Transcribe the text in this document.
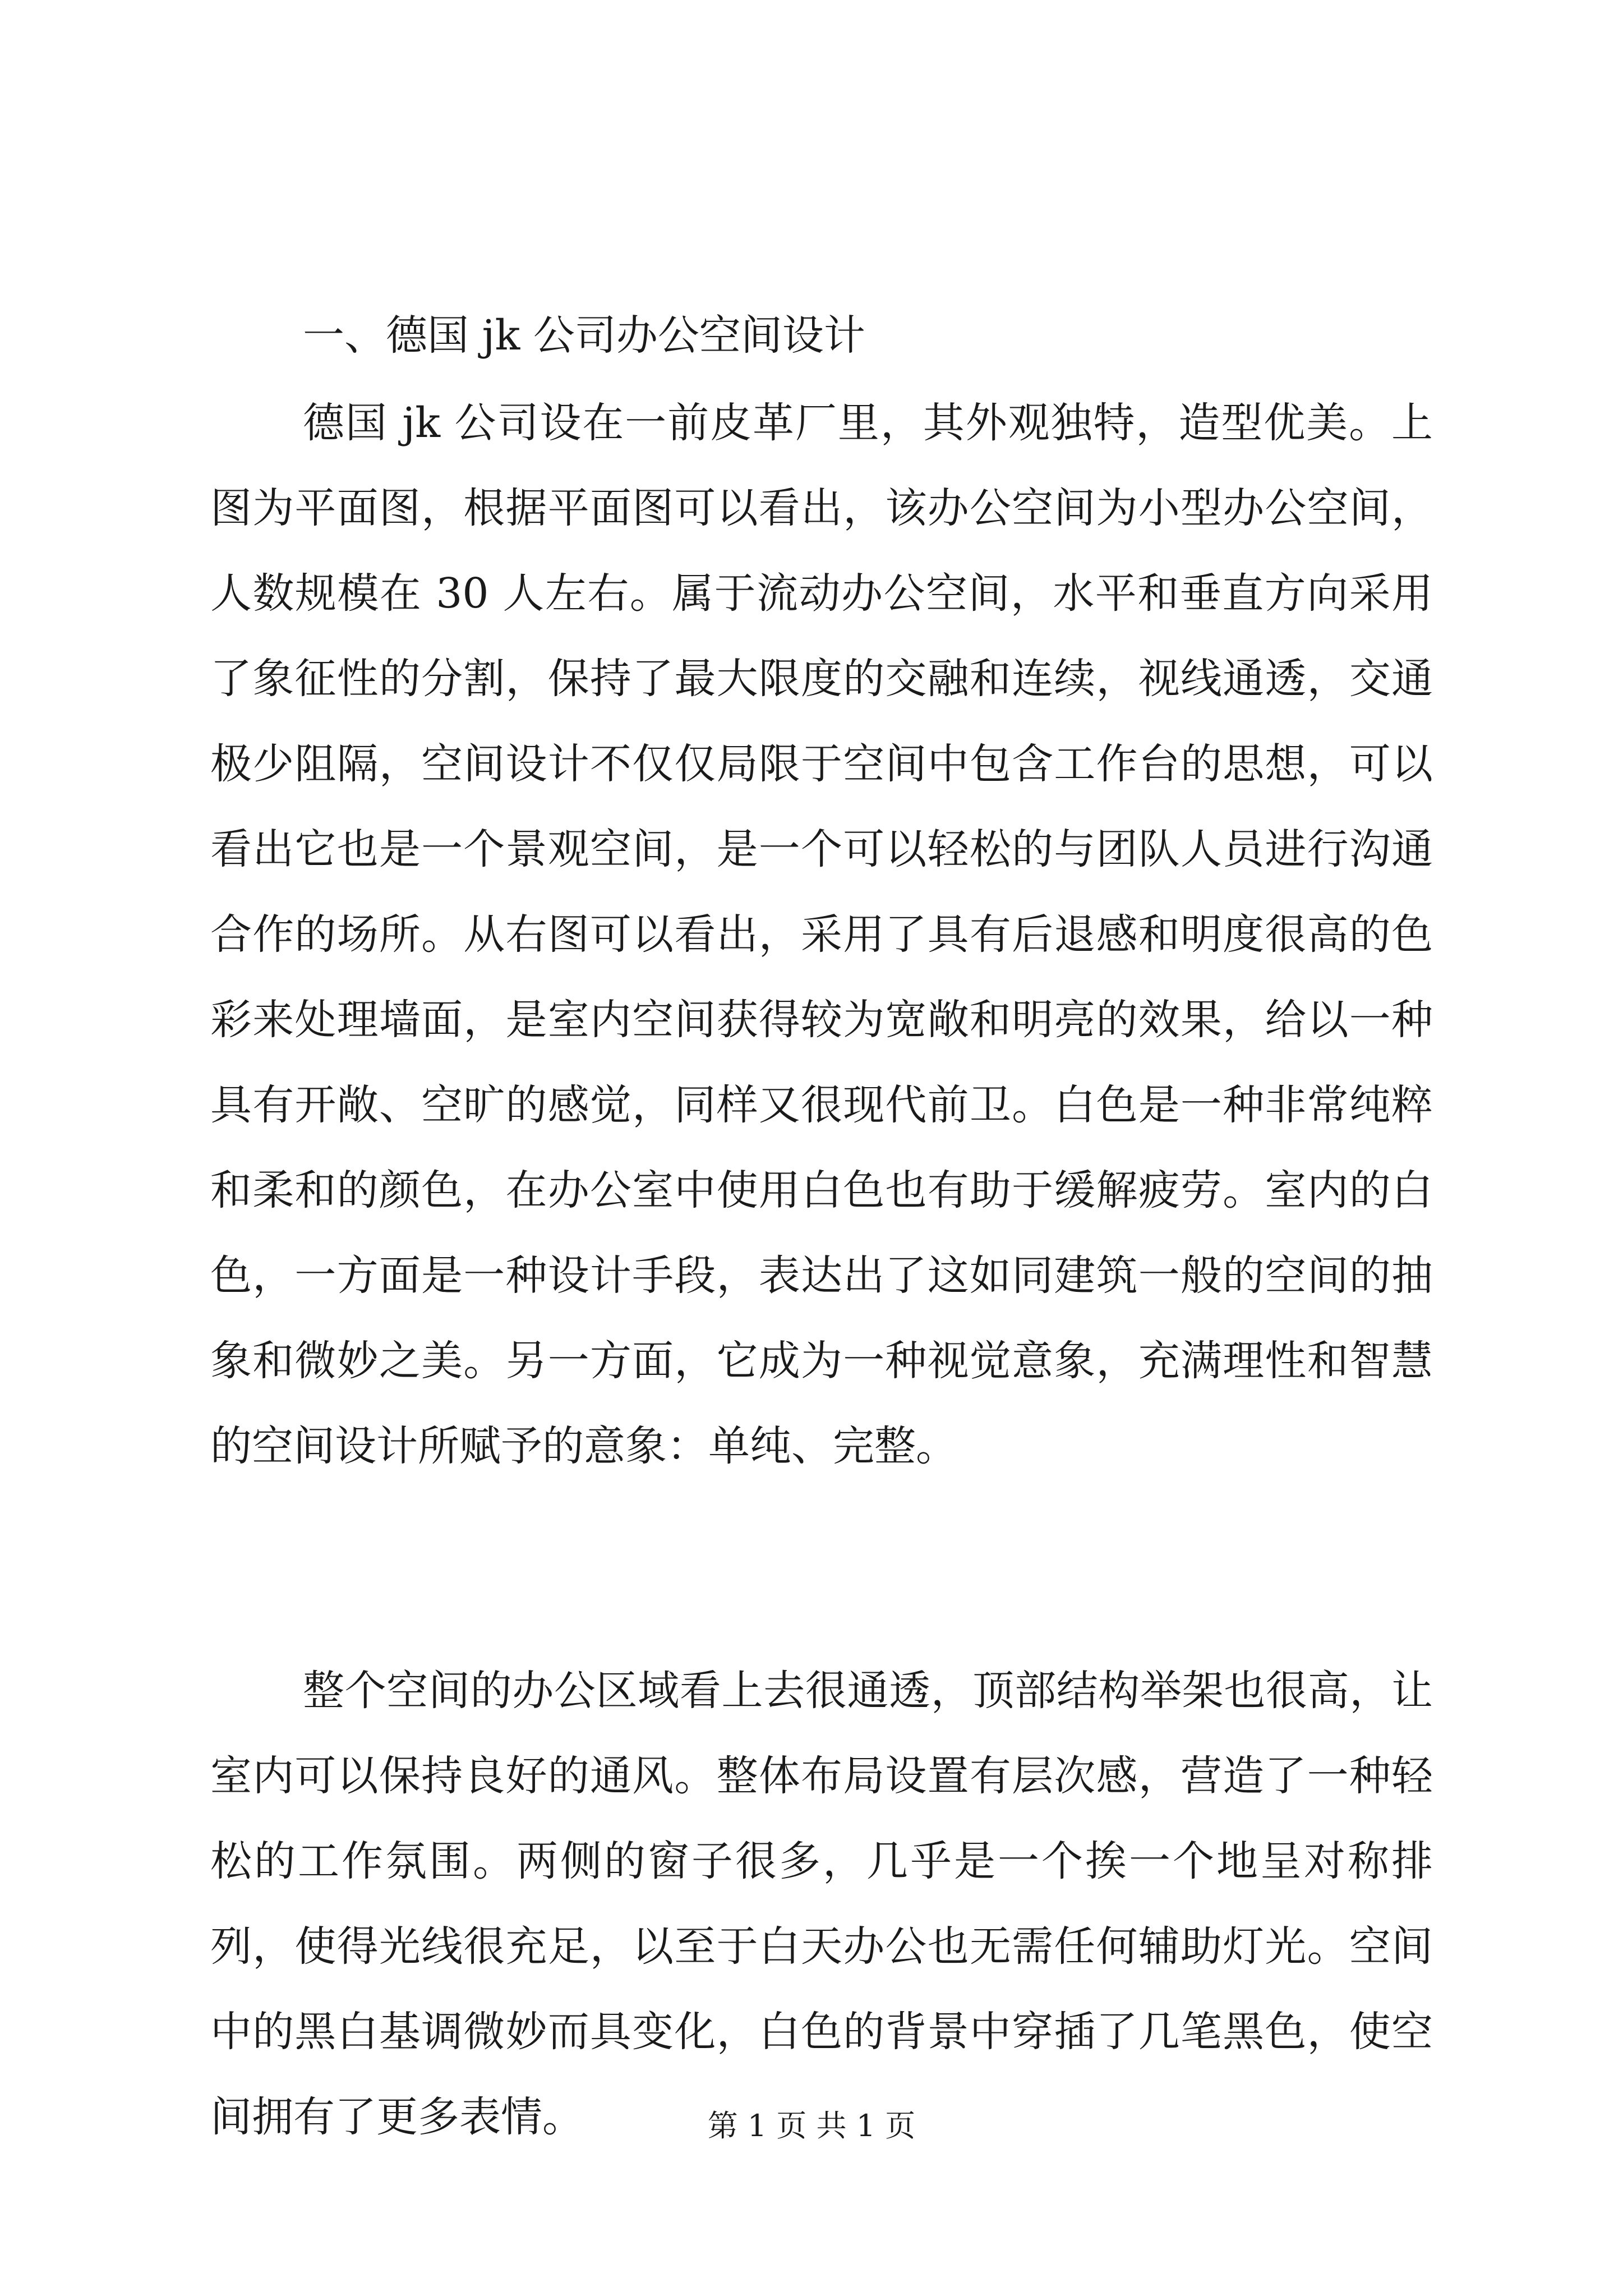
一、德国 jk 公司办公空间设计

德国 jk 公司设在一前皮革厂里，其外观独特，造型优美。上图为平面图，根据平面图可以看出，该办公空间为小型办公空间，人数规模在 30 人左右。属于流动办公空间，水平和垂直方向采用了象征性的分割，保持了最大限度的交融和连续，视线通透，交通极少阻隔，空间设计不仅仅局限于空间中包含工作台的思想，可以看出它也是一个景观空间，是一个可以轻松的与团队人员进行沟通合作的场所。从右图可以看出，采用了具有后退感和明度很高的色彩来处理墙面，是室内空间获得较为宽敞和明亮的效果，给以一种具有开敞、空旷的感觉，同样又很现代前卫。白色是一种非常纯粹和柔和的颜色，在办公室中使用白色也有助于缓解疲劳。室内的白色，一方面是一种设计手段，表达出了这如同建筑一般的空间的抽象和微妙之美。另一方面，它成为一种视觉意象，充满理性和智慧的空间设计所赋予的意象：单纯、完整。

整个空间的办公区域看上去很通透，顶部结构举架也很高，让室内可以保持良好的通风。整体布局设置有层次感，营造了一种轻松的工作氛围。两侧的窗子很多，几乎是一个挨一个地呈对称排列，使得光线很充足，以至于白天办公也无需任何辅助灯光。空间中的黑白基调微妙而具变化，白色的背景中穿插了几笔黑色，使空间拥有了更多表情。	第 1 页 共 1 页
